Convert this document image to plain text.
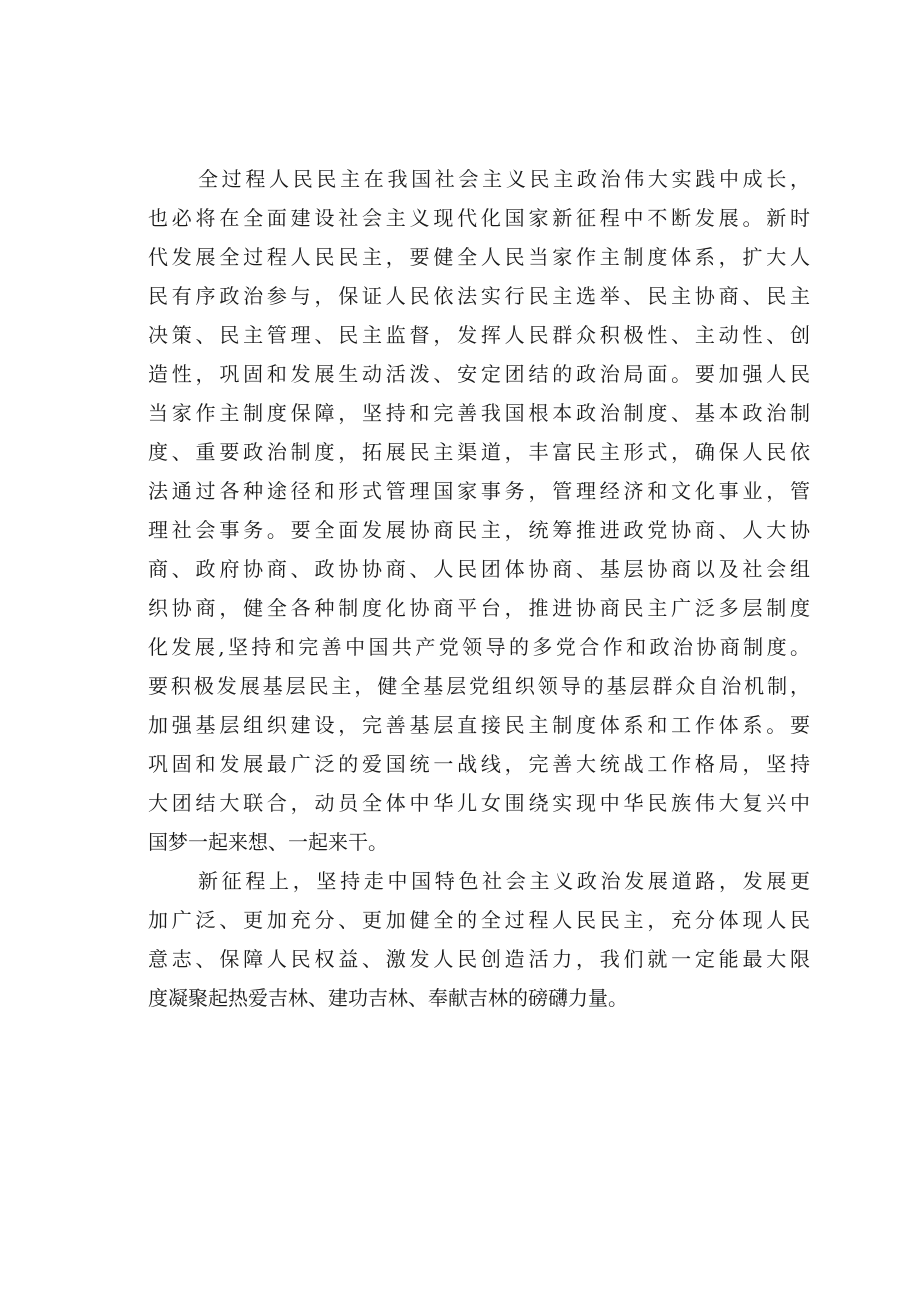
全过程人民民主在我国社会主义民主政治伟大实践中成长，
也必将在全面建设社会主义现代化国家新征程中不断发展。新时
代发展全过程人民民主，要健全人民当家作主制度体系，扩大人
民有序政治参与，保证人民依法实行民主选举、民主协商、民主
决策、民主管理、民主监督，发挥人民群众积极性、主动性、创
造性，巩固和发展生动活泼、安定团结的政治局面。要加强人民
当家作主制度保障，坚持和完善我国根本政治制度、基本政治制
度、重要政治制度，拓展民主渠道，丰富民主形式，确保人民依
法通过各种途径和形式管理国家事务，管理经济和文化事业，管
理社会事务。要全面发展协商民主，统筹推进政党协商、人大协
商、政府协商、政协协商、人民团体协商、基层协商以及社会组
织协商，健全各种制度化协商平台，推进协商民主广泛多层制度
化发展,坚持和完善中国共产党领导的多党合作和政治协商制度。
要积极发展基层民主，健全基层党组织领导的基层群众自治机制，
加强基层组织建设，完善基层直接民主制度体系和工作体系。要
巩固和发展最广泛的爱国统一战线，完善大统战工作格局，坚持
大团结大联合，动员全体中华儿女围绕实现中华民族伟大复兴中
国梦一起来想、一起来干。
新征程上，坚持走中国特色社会主义政治发展道路，发展更
加广泛、更加充分、更加健全的全过程人民民主，充分体现人民
意志、保障人民权益、激发人民创造活力，我们就一定能最大限
度凝聚起热爱吉林、建功吉林、奉献吉林的磅礴力量。
